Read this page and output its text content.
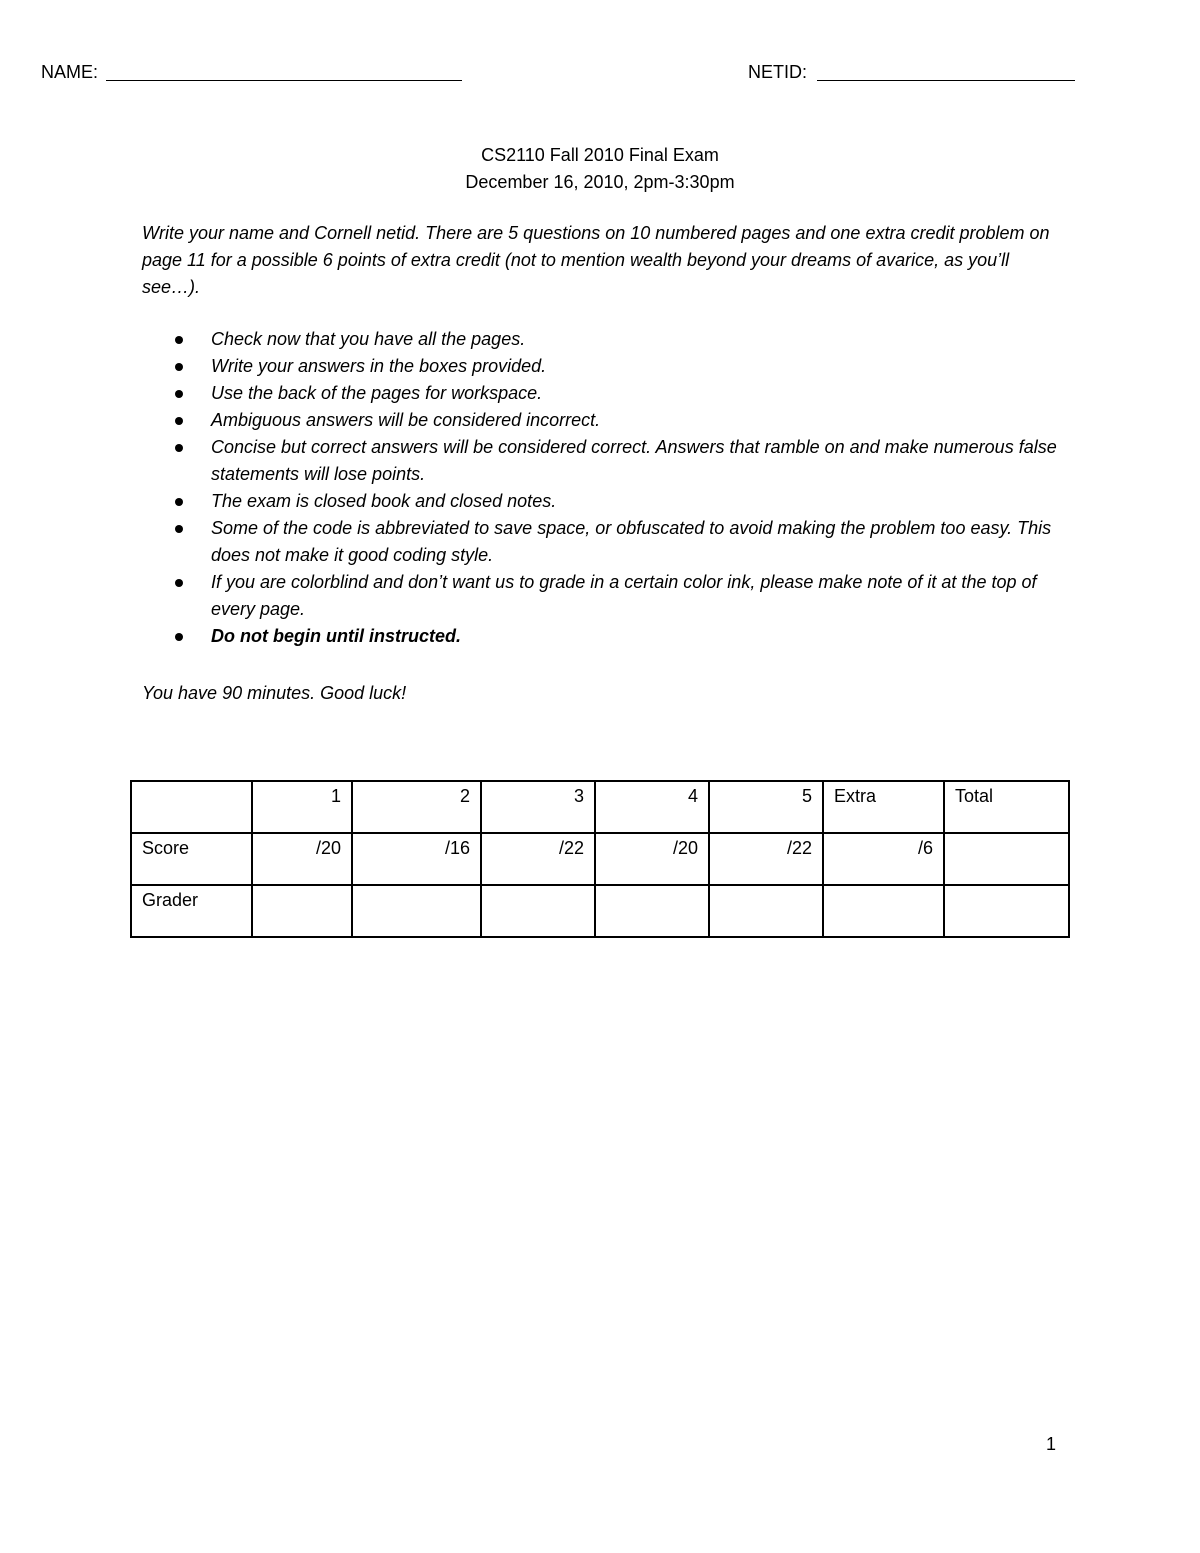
NAME:	NETID:
CS2110 Fall 2010 Final Exam
December 16, 2010, 2pm-3:30pm
Write your name and Cornell netid. There are 5 questions on 10 numbered pages and one extra credit problem on page 11 for a possible 6 points of extra credit (not to mention wealth beyond your dreams of avarice, as you’ll see…).
Check now that you have all the pages.
Write your answers in the boxes provided.
Use the back of the pages for workspace.
Ambiguous answers will be considered incorrect.
Concise but correct answers will be considered correct. Answers that ramble on and make numerous false statements will lose points.
The exam is closed book and closed notes.
Some of the code is abbreviated to save space, or obfuscated to avoid making the problem too easy. This does not make it good coding style.
If you are colorblind and don’t want us to grade in a certain color ink, please make note of it at the top of every page.
Do not begin until instructed.
You have 90 minutes. Good luck!
	1	2	3	4	5	Extra	Total
Score	/20	/16	/22	/20	/22	/6	
Grader							
1
